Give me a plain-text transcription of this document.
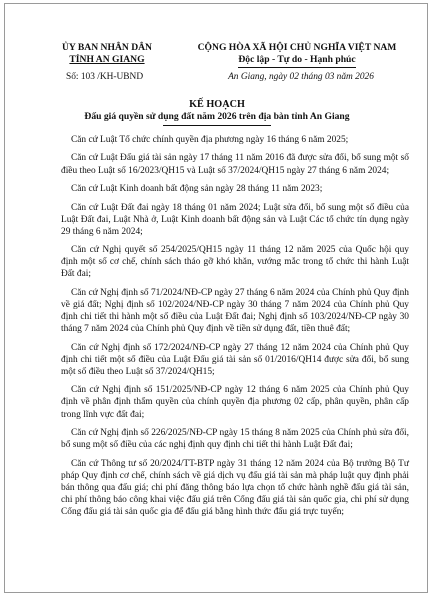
ỦY BAN NHÂN DÂN
TỈNH AN GIANG
Số: 103 /KH-UBND
CỘNG HÒA XÃ HỘI CHỦ NGHĨA VIỆT NAM
Độc lập - Tự do - Hạnh phúc
An Giang, ngày 02 tháng 03 năm 2026
KẾ HOẠCH
Đấu giá quyền sử dụng đất năm 2026 trên địa bàn tỉnh An Giang

Căn cứ Luật Tổ chức chính quyền địa phương ngày 16 tháng 6 năm 2025;

Căn cứ Luật Đấu giá tài sản ngày 17 tháng 11 năm 2016 đã được sửa đổi, bổ sung một số điều theo Luật số 16/2023/QH15 và Luật số 37/2024/QH15 ngày 27 tháng 6 năm 2024;

Căn cứ Luật Kinh doanh bất động sản ngày 28 tháng 11 năm 2023;

Căn cứ Luật Đất đai ngày 18 tháng 01 năm 2024; Luật sửa đổi, bổ sung một số điều của Luật Đất đai, Luật Nhà ở, Luật Kinh doanh bất động sản và Luật Các tổ chức tín dụng ngày 29 tháng 6 năm 2024;

Căn cứ Nghị quyết số 254/2025/QH15 ngày 11 tháng 12 năm 2025 của Quốc hội quy định một số cơ chế, chính sách tháo gỡ khó khăn, vướng mắc trong tổ chức thi hành Luật Đất đai;

Căn cứ Nghị định số 71/2024/NĐ-CP ngày 27 tháng 6 năm 2024 của Chính phủ Quy định về giá đất; Nghị định số 102/2024/NĐ-CP ngày 30 tháng 7 năm 2024 của Chính phủ Quy định chi tiết thi hành một số điều của Luật Đất đai; Nghị định số 103/2024/NĐ-CP ngày 30 tháng 7 năm 2024 của Chính phủ Quy định về tiền sử dụng đất, tiền thuê đất;

Căn cứ Nghị định số 172/2024/NĐ-CP ngày 27 tháng 12 năm 2024 của Chính phủ Quy định chi tiết một số điều của Luật Đấu giá tài sản số 01/2016/QH14 được sửa đổi, bổ sung một số điều theo Luật số 37/2024/QH15;

Căn cứ Nghị định số 151/2025/NĐ-CP ngày 12 tháng 6 năm 2025 của Chính phủ Quy định về phân định thẩm quyền của chính quyền địa phương 02 cấp, phân quyền, phân cấp trong lĩnh vực đất đai;

Căn cứ Nghị định số 226/2025/NĐ-CP ngày 15 tháng 8 năm 2025 của Chính phủ sửa đổi, bổ sung một số điều của các nghị định quy định chi tiết thi hành Luật Đất đai;

Căn cứ Thông tư số 20/2024/TT-BTP ngày 31 tháng 12 năm 2024 của Bộ trưởng Bộ Tư pháp Quy định cơ chế, chính sách về giá dịch vụ đấu giá tài sản mà pháp luật quy định phải bán thông qua đấu giá; chi phí đăng thông báo lựa chọn tổ chức hành nghề đấu giá tài sản, chi phí thông báo công khai việc đấu giá trên Cổng đấu giá tài sản quốc gia, chi phí sử dụng Cổng đấu giá tài sản quốc gia để đấu giá bằng hình thức đấu giá trực tuyến;
